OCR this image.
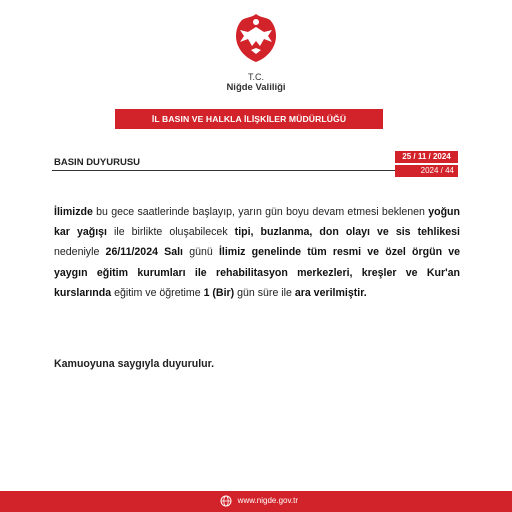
T.C.
Niğde Valiliği
İL BASIN VE HALKLA İLİŞKİLER MÜDÜRLÜĞÜ
BASIN DUYURUSU
25 / 11 / 2024
2024 / 44

İlimizde bu gece saatlerinde başlayıp, yarın gün boyu devam etmesi beklenen yoğun kar yağışı ile birlikte oluşabilecek tipi, buzlanma, don olayı ve sis tehlikesi nedeniyle 26/11/2024 Salı günü İlimiz genelinde tüm resmi ve özel örgün ve yaygın eğitim kurumları ile rehabilitasyon merkezleri, kreşler ve Kur'an kurslarında eğitim ve öğretime 1 (Bir) gün süre ile ara verilmiştir.

Kamuoyuna saygıyla duyurulur.
www.nigde.gov.tr
